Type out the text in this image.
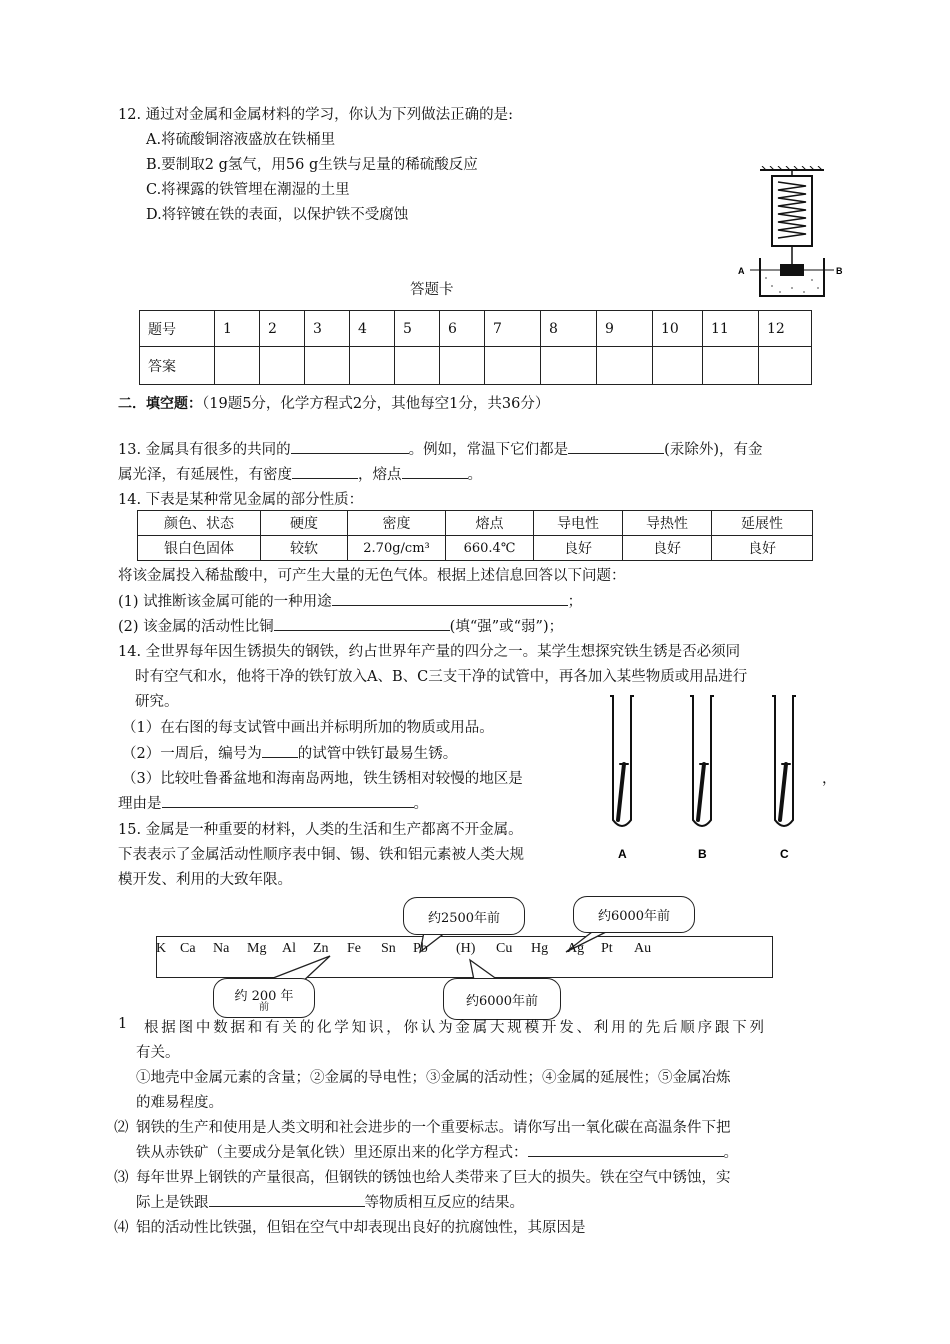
12. 通过对金属和金属材料的学习，你认为下列做法正确的是:
A.将硫酸铜溶液盛放在铁桶里
B.要制取2 g氢气，用56 g生铁与足量的稀硫酸反应
C.将裸露的铁管埋在潮湿的土里
D.将锌镀在铁的表面，以保护铁不受腐蚀
A	B
答题卡
题号	1	2	3	4	5	6	7	8	9	10	11	12
答案												
二．填空题：（19题5分，化学方程式2分，其他每空1分，共36分）
13. 金属具有很多的共同的	。例如，常温下它们都是	(汞除外)，有金
属光泽，有延展性，有密度	，熔点	。
14. 下表是某种常见金属的部分性质：
颜色、状态	硬度	密度	熔点	导电性	导热性	延展性
银白色固体	较软	2.70g/cm³	660.4℃	良好	良好	良好
将该金属投入稀盐酸中，可产生大量的无色气体。根据上述信息回答以下问题：
(1) 试推断该金属可能的一种用途	；
(2) 该金属的活动性比铜	(填“强”或“弱”)；
14. 全世界每年因生锈损失的钢铁，约占世界年产量的四分之一。某学生想探究铁生锈是否必须同
时有空气和水，他将干净的铁钉放入A、B、C三支干净的试管中，再各加入某些物质或用品进行
研究。
（1）在右图的每支试管中画出并标明所加的物质或用品。
（2）一周后，编号为 的试管中铁钉最易生锈。
（3）比较吐鲁番盆地和海南岛两地，铁生锈相对较慢的地区是	，
理由是	。
A	B	C
15. 金属是一种重要的材料，人类的生活和生产都离不开金属。
下表表示了金属活动性顺序表中铜、锡、铁和铝元素被人类大规
模开发、利用的大致年限。
约2500年前	约6000年前
K Ca Na Mg Al Zn Fe Sn Pb (H) Cu Hg Ag Pt Au
约 200 年
前	约6000年前
1 根据图中数据和有关的化学知识，你认为金属大规模开发、利用的先后顺序跟下列
有关。
①地壳中金属元素的含量；②金属的导电性；③金属的活动性；④金属的延展性；⑤金属冶炼
的难易程度。
⑵ 钢铁的生产和使用是人类文明和社会进步的一个重要标志。请你写出一氧化碳在高温条件下把
铁从赤铁矿（主要成分是氧化铁）里还原出来的化学方程式：	。
⑶ 每年世界上钢铁的产量很高，但钢铁的锈蚀也给人类带来了巨大的损失。铁在空气中锈蚀，实
际上是铁跟	等物质相互反应的结果。
⑷ 铝的活动性比铁强，但铝在空气中却表现出良好的抗腐蚀性，其原因是
